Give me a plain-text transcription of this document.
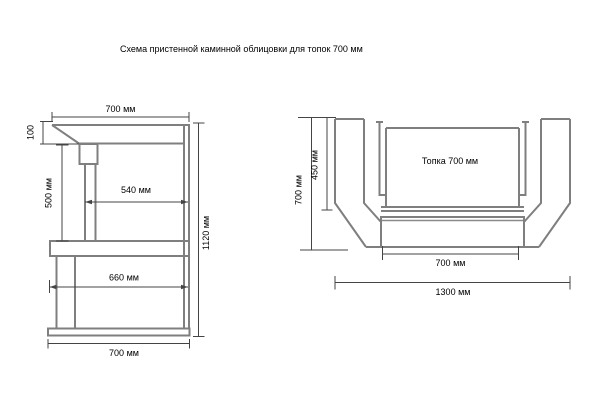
Схема пристенной каминной облицовки для топок 700 мм
700 мм
100
500 мм	540 мм
1120 мм
660 мм
700 мм
Топка 700 мм
700 мм
450 мм
700 мм
1300 мм
